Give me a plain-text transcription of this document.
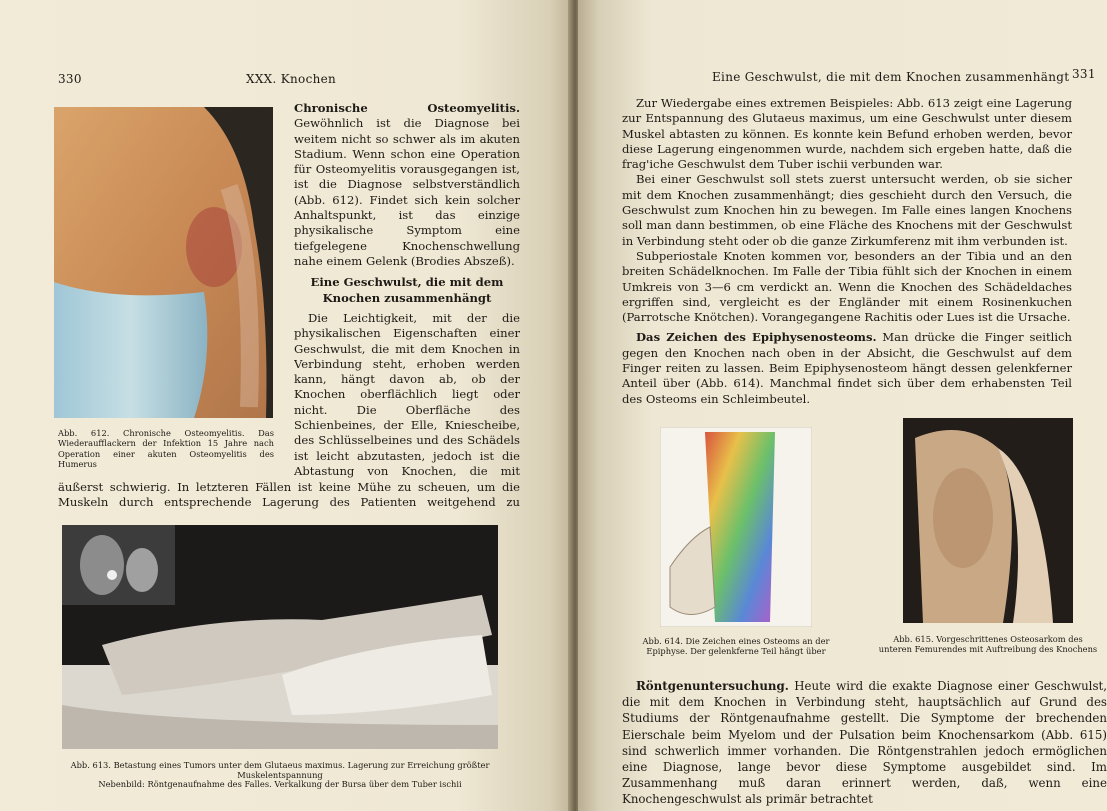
330	XXX. Knochen
Abb. 612. Chronische Osteomyelitis. Das Wiederaufflackern der Infektion 15 Jahre nach Operation einer akuten Osteomyelitis des Humerus

Chronische Osteomyelitis. Gewöhnlich ist die Diagnose bei weitem nicht so schwer als im akuten Stadium. Wenn schon eine Operation für Osteomyelitis vorausgegangen ist, ist die Diagnose selbstverständlich (Abb. 612). Findet sich kein solcher Anhaltspunkt, ist das einzige physikalische Symptom eine tiefgelegene Knochenschwellung nahe einem Gelenk (Brodies Abszeß).

Eine Geschwulst, die mit dem Knochen zusammenhängt

Die Leichtigkeit, mit der die physikalischen Eigenschaften einer Geschwulst, die mit dem Knochen in Verbindung steht, erhoben werden kann, hängt davon ab, ob der Knochen oberflächlich liegt oder nicht. Die Oberfläche des Schienbeines, der Elle, Kniescheibe, des Schlüsselbeines und des Schädels ist leicht abzutasten, jedoch ist die Abtastung von Knochen, die mit

Abb. 613. Betastung eines Tumors unter dem Glutaeus maximus. Lagerung zur Erreichung größter Muskelentspannung
Nebenbild: Röntgenaufnahme des Falles. Verkalkung der Bursa über dem Tuber ischii

äußerst schwierig. In letzteren Fällen ist keine Mühe zu scheuen, um die Muskeln durch entsprechende Lagerung des Patienten weitgehend zu

Eine Geschwulst, die mit dem Knochen zusammenhängt 331

Zur Wiedergabe eines extremen Beispieles: Abb. 613 zeigt eine Lagerung zur Entspannung des Glutaeus maximus, um eine Geschwulst unter diesem Muskel abtasten zu können. Es konnte kein Befund erhoben werden, bevor diese Lagerung eingenommen wurde, nachdem sich ergeben hatte, daß die frag'iche Geschwulst dem Tuber ischii verbunden war.

Bei einer Geschwulst soll stets zuerst untersucht werden, ob sie sicher mit dem Knochen zusammenhängt; dies geschieht durch den Versuch, die Geschwulst zum Knochen hin zu bewegen. Im Falle eines langen Knochens soll man dann bestimmen, ob eine Fläche des Knochens mit der Geschwulst in Verbindung steht oder ob die ganze Zirkumferenz mit ihm verbunden ist.

Subperiostale Knoten kommen vor, besonders an der Tibia und an den breiten Schädelknochen. Im Falle der Tibia fühlt sich der Knochen in einem Umkreis von 3—6 cm verdickt an. Wenn die Knochen des Schädeldaches ergriffen sind, vergleicht es der Engländer mit einem Rosinenkuchen (Parrotsche Knötchen). Vorangegangene Rachitis oder Lues ist die Ursache.

Das Zeichen des Epiphysenosteoms. Man drücke die Finger seitlich gegen den Knochen nach oben in der Absicht, die Geschwulst auf dem Finger reiten zu lassen. Beim Epiphysenosteom hängt dessen gelenkferner Anteil über (Abb. 614). Manchmal findet sich über dem erhabensten Teil des Osteoms ein Schleimbeutel.

Abb. 614. Die Zeichen eines Osteoms an der Epiphyse. Der gelenkferne Teil hängt über
Abb. 615. Vorgeschrittenes Osteosarkom des unteren Femurendes mit Auftreibung des Knochens

Röntgenuntersuchung. Heute wird die exakte Diagnose einer Geschwulst, die mit dem Knochen in Verbindung steht, hauptsächlich auf Grund des Studiums der Röntgenaufnahme gestellt. Die Symptome der brechenden Eierschale beim Myelom und der Pulsation beim Knochensarkom (Abb. 615) sind schwerlich immer vorhanden. Die Röntgenstrahlen jedoch ermöglichen eine Diagnose, lange bevor diese Symptome ausgebildet sind. Im Zusammenhang muß daran erinnert werden, daß, wenn eine Knochengeschwulst als primär betrachtet
